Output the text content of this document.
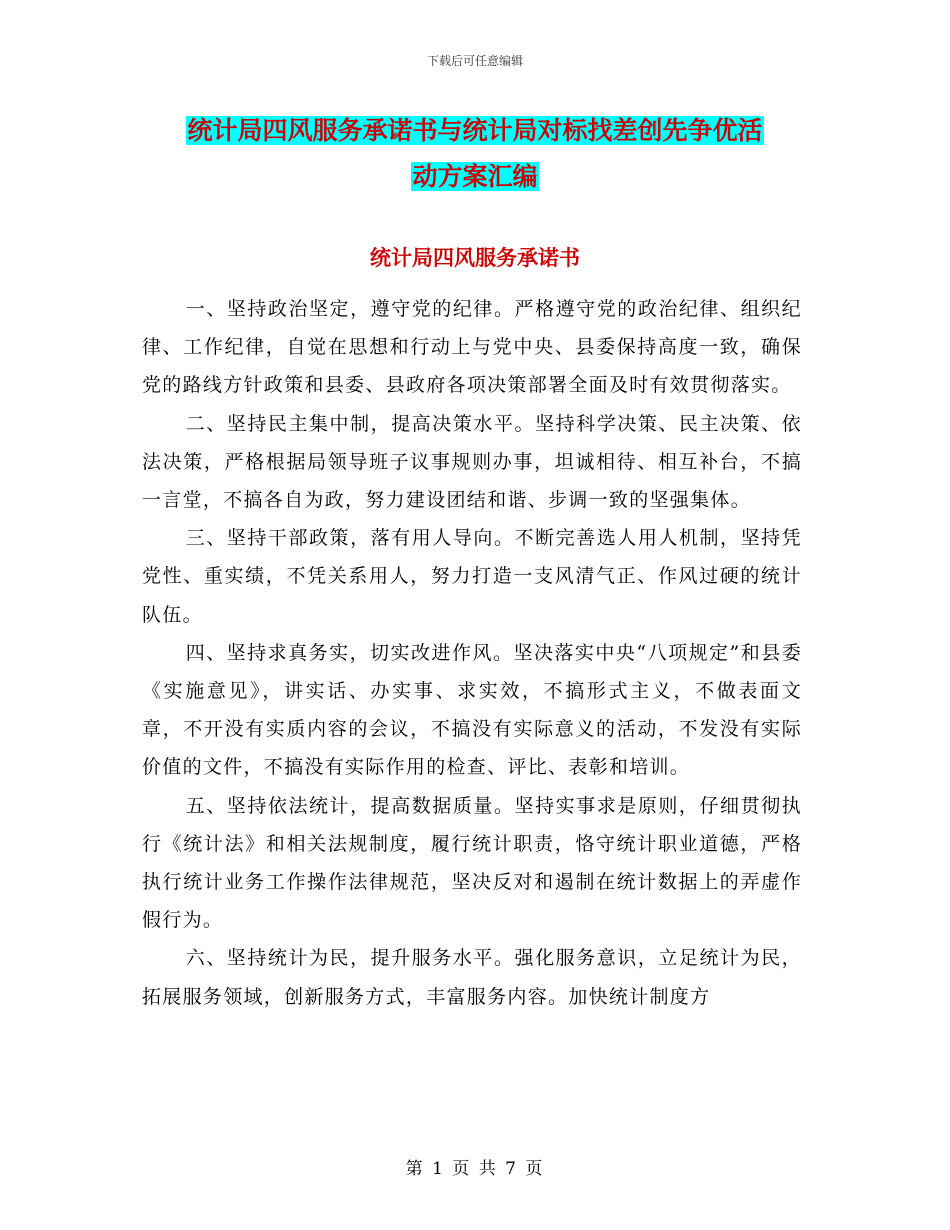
下载后可任意编辑
统计局四风服务承诺书与统计局对标找差创先争优活
动方案汇编
统计局四风服务承诺书

一、坚持政治坚定，遵守党的纪律。严格遵守党的政治纪律、组织纪律、工作纪律，自觉在思想和行动上与党中央、县委保持高度一致，确保党的路线方针政策和县委、县政府各项决策部署全面及时有效贯彻落实。

二、坚持民主集中制，提高决策水平。坚持科学决策、民主决策、依法决策，严格根据局领导班子议事规则办事，坦诚相待、相互补台，不搞一言堂，不搞各自为政，努力建设团结和谐、步调一致的坚强集体。

三、坚持干部政策，落有用人导向。不断完善选人用人机制，坚持凭党性、重实绩，不凭关系用人，努力打造一支风清气正、作风过硬的统计队伍。

四、坚持求真务实，切实改进作风。坚决落实中央“八项规定”和县委《实施意见》，讲实话、办实事、求实效，不搞形式主义，不做表面文章，不开没有实质内容的会议，不搞没有实际意义的活动，不发没有实际价值的文件，不搞没有实际作用的检查、评比、表彰和培训。

五、坚持依法统计，提高数据质量。坚持实事求是原则，仔细贯彻执行《统计法》和相关法规制度，履行统计职责，恪守统计职业道德，严格执行统计业务工作操作法律规范，坚决反对和遏制在统计数据上的弄虚作假行为。

六、坚持统计为民，提升服务水平。强化服务意识，立足统计为民，拓展服务领域，创新服务方式，丰富服务内容。加快统计制度方

第 1 页 共 7 页
